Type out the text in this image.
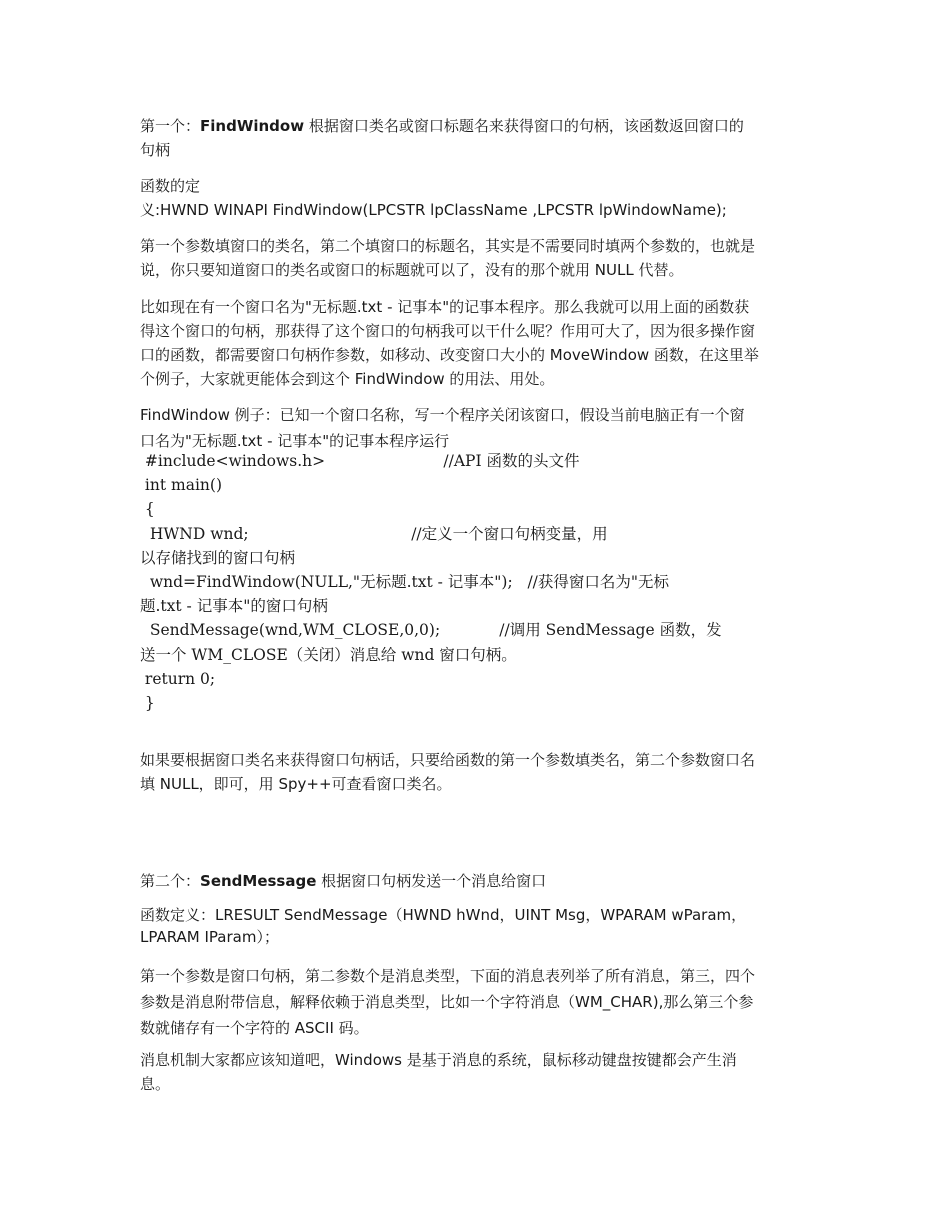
第一个：FindWindow 根据窗口类名或窗口标题名来获得窗口的句柄，该函数返回窗口的
句柄

函数的定
义:HWND WINAPI FindWindow(LPCSTR lpClassName ,LPCSTR lpWindowName);

第一个参数填窗口的类名，第二个填窗口的标题名，其实是不需要同时填两个参数的，也就是
说，你只要知道窗口的类名或窗口的标题就可以了，没有的那个就用 NULL 代替。

比如现在有一个窗口名为"无标题.txt - 记事本"的记事本程序。那么我就可以用上面的函数获
得这个窗口的句柄，那获得了这个窗口的句柄我可以干什么呢？作用可大了，因为很多操作窗
口的函数，都需要窗口句柄作参数，如移动、改变窗口大小的 MoveWindow 函数，在这里举
个例子，大家就更能体会到这个 FindWindow 的用法、用处。

FindWindow 例子：已知一个窗口名称，写一个程序关闭该窗口，假设当前电脑正有一个窗
口名为"无标题.txt - 记事本"的记事本程序运行

#include<windows.h>                        //API 函数的头文件
int main()
{
HWND wnd;                                 //定义一个窗口句柄变量，用
以存储找到的窗口句柄
wnd=FindWindow(NULL,"无标题.txt - 记事本");   //获得窗口名为"无标
题.txt - 记事本"的窗口句柄
SendMessage(wnd,WM_CLOSE,0,0);            //调用 SendMessage 函数，发
送一个 WM_CLOSE（关闭）消息给 wnd 窗口句柄。
return 0;
}

如果要根据窗口类名来获得窗口句柄话，只要给函数的第一个参数填类名，第二个参数窗口名
填 NULL，即可，用 Spy++可查看窗口类名。

第二个：SendMessage 根据窗口句柄发送一个消息给窗口

函数定义：LRESULT SendMessage（HWND hWnd，UINT Msg，WPARAM wParam，
LPARAM IParam）；

第一个参数是窗口句柄，第二参数个是消息类型，下面的消息表列举了所有消息，第三，四个
参数是消息附带信息，解释依赖于消息类型，比如一个字符消息（WM_CHAR),那么第三个参
数就储存有一个字符的 ASCII 码。

消息机制大家都应该知道吧，Windows 是基于消息的系统，鼠标移动键盘按键都会产生消
息。
